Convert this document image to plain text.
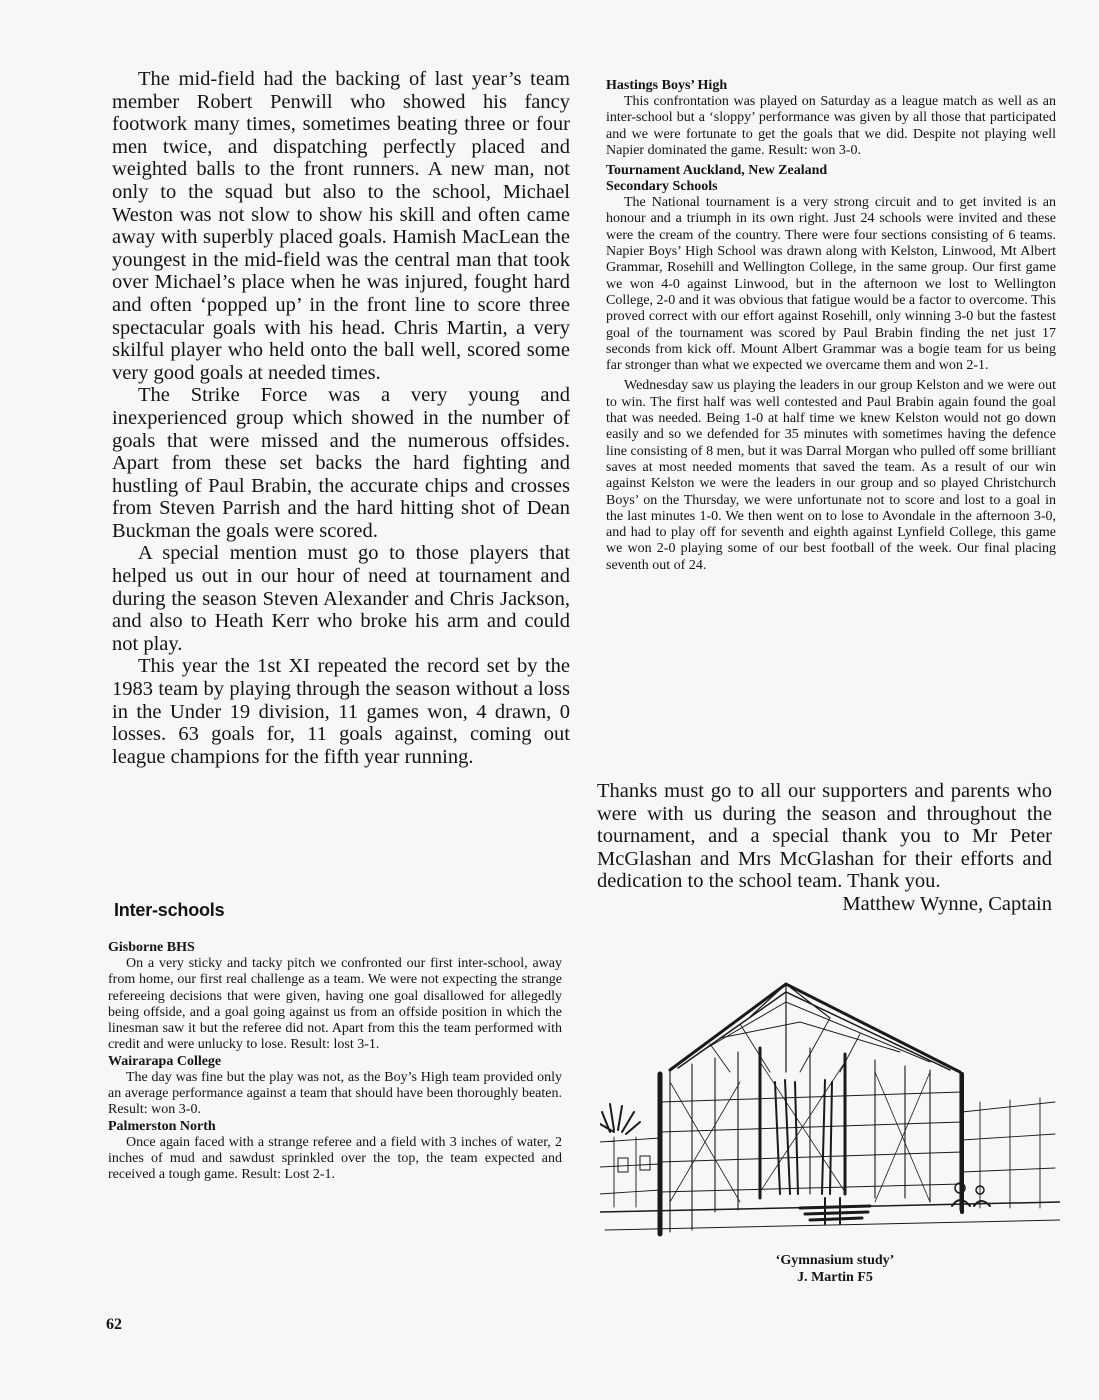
The mid-field had the backing of last year’s team member Robert Penwill who showed his fancy footwork many times, sometimes beating three or four men twice, and dispatching perfectly placed and weighted balls to the front runners. A new man, not only to the squad but also to the school, Michael Weston was not slow to show his skill and often came away with superbly placed goals. Hamish MacLean the youngest in the mid-field was the central man that took over Michael’s place when he was injured, fought hard and often ‘popped up’ in the front line to score three spectacular goals with his head. Chris Martin, a very skilful player who held onto the ball well, scored some very good goals at needed times.

The Strike Force was a very young and inexperienced group which showed in the number of goals that were missed and the numerous offsides. Apart from these set backs the hard fighting and hustling of Paul Brabin, the accurate chips and crosses from Steven Parrish and the hard hitting shot of Dean Buckman the goals were scored.

A special mention must go to those players that helped us out in our hour of need at tournament and during the season Steven Alexander and Chris Jackson, and also to Heath Kerr who broke his arm and could not play.

This year the 1st XI repeated the record set by the 1983 team by playing through the season without a loss in the Under 19 division, 11 games won, 4 drawn, 0 losses. 63 goals for, 11 goals against, coming out league champions for the fifth year running.

Inter-schools
Gisborne BHS

On a very sticky and tacky pitch we confronted our first inter-school, away from home, our first real challenge as a team. We were not expecting the strange refereeing decisions that were given, having one goal disallowed for allegedly being offside, and a goal going against us from an offside position in which the linesman saw it but the referee did not. Apart from this the team performed with credit and were unlucky to lose. Result: lost 3-1.

Wairarapa College

The day was fine but the play was not, as the Boy’s High team provided only an average performance against a team that should have been thoroughly beaten. Result: won 3-0.

Palmerston North

Once again faced with a strange referee and a field with 3 inches of water, 2 inches of mud and sawdust sprinkled over the top, the team expected and received a tough game. Result: Lost 2-1.

Hastings Boys’ High

This confrontation was played on Saturday as a league match as well as an inter-school but a ‘sloppy’ performance was given by all those that participated and we were fortunate to get the goals that we did. Despite not playing well Napier dominated the game. Result: won 3-0.

Tournament Auckland, New Zealand
Secondary Schools

The National tournament is a very strong circuit and to get invited is an honour and a triumph in its own right. Just 24 schools were invited and these were the cream of the country. There were four sections consisting of 6 teams. Napier Boys’ High School was drawn along with Kelston, Linwood, Mt Albert Grammar, Rosehill and Wellington College, in the same group. Our first game we won 4-0 against Linwood, but in the afternoon we lost to Wellington College, 2-0 and it was obvious that fatigue would be a factor to overcome. This proved correct with our effort against Rosehill, only winning 3-0 but the fastest goal of the tournament was scored by Paul Brabin finding the net just 17 seconds from kick off. Mount Albert Grammar was a bogie team for us being far stronger than what we expected we overcame them and won 2-1.

Wednesday saw us playing the leaders in our group Kelston and we were out to win. The first half was well contested and Paul Brabin again found the goal that was needed. Being 1-0 at half time we knew Kelston would not go down easily and so we defended for 35 minutes with sometimes having the defence line consisting of 8 men, but it was Darral Morgan who pulled off some brilliant saves at most needed moments that saved the team. As a result of our win against Kelston we were the leaders in our group and so played Christchurch Boys’ on the Thursday, we were unfortunate not to score and lost to a goal in the last minutes 1-0. We then went on to lose to Avondale in the afternoon 3-0, and had to play off for seventh and eighth against Lynfield College, this game we won 2-0 playing some of our best football of the week. Our final placing seventh out of 24.

Thanks must go to all our supporters and parents who were with us during the season and throughout the tournament, and a special thank you to Mr Peter McGlashan and Mrs McGlashan for their efforts and dedication to the school team. Thank you.
Matthew Wynne, Captain

‘Gymnasium study’
J. Martin F5
62
